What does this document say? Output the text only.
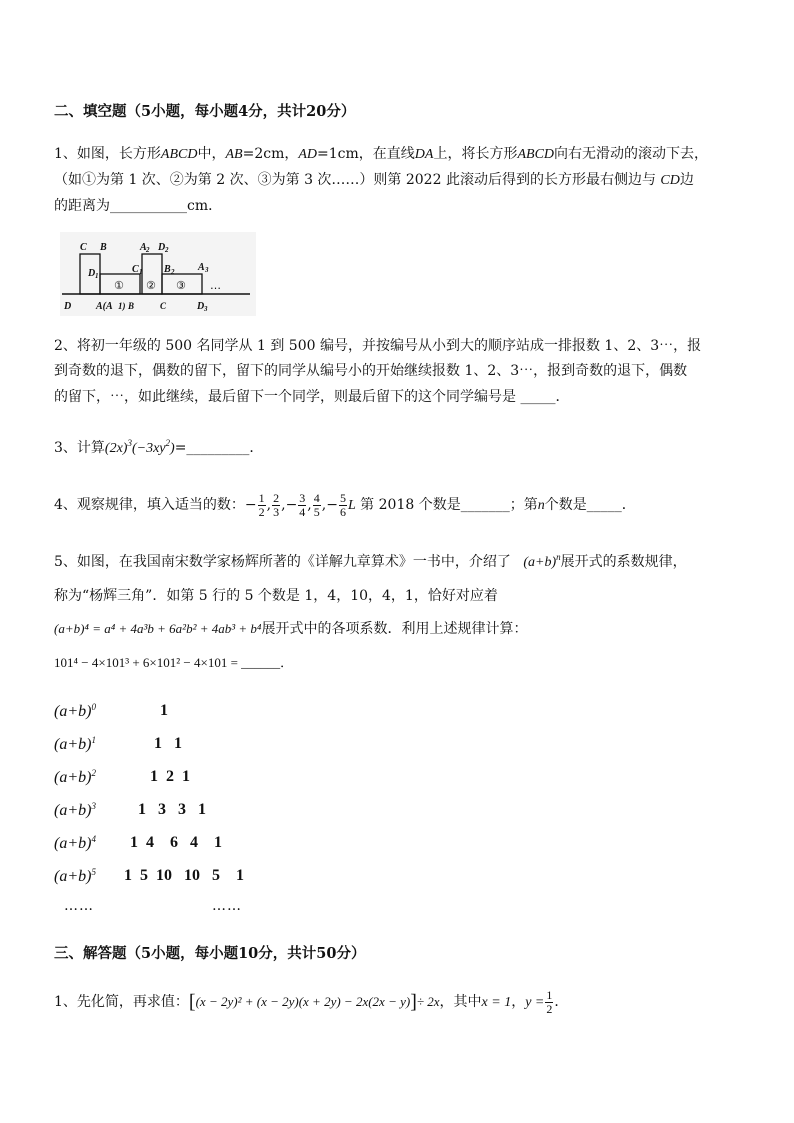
二、填空题（5小题，每小题4分，共计20分）
1、如图，长方形ABCD中，AB=2cm，AD=1cm，在直线DA上，将长方形ABCD向右无滑动的滚动下去，
（如①为第 1 次、②为第 2 次、③为第 3 次……）则第 2022 此滚动后得到的长方形最右侧边与 CD边
的距离为___________cm．
C B	A 2 D 2
D 1
C 1 B 2 A 3
D A(A	D 3
① ② ③ …
1) B	C
2、将初一年级的 500 名同学从 1 到 500 编号，并按编号从小到大的顺序站成一排报数 1、2、3⋯，报
到奇数的退下，偶数的留下，留下的同学从编号小的开始继续报数 1、2、3⋯，报到奇数的退下，偶数
的留下，⋯，如此继续，最后留下一个同学，则最后留下的这个同学编号是 _____．
3、计算$(2x)^3(-3xy^2)=\_\_\_\_\_\_\_\_\_$．
4、观察规律，填入适当的数：− $\frac{1}{2}$ , $\frac{2}{3}$ ,− $\frac{3}{4}$ , $\frac{4}{5}$ ,− $\frac{5}{6}$ L 第 2018 个数是_______；第n个数是_____．
5、如图，在我国南宋数学家杨辉所著的《详解九章算术》一书中，介绍了 $(a+b)^n$展开式的系数规律，
称为“杨辉三角”．如第 5 行的 5 个数是 1，4，10，4，1，恰好对应着
(a+b)⁴ = a⁴ + 4a³b + 6a²b² + 4ab³ + b⁴展开式中的各项系数．利用上述规律计算：
101⁴ − 4×101³ + 6×101² − 4×101 = ______．
$(a+b)^0$	1
$(a+b)^1$	1   1
$(a+b)^2$	1  2  1
$(a+b)^3$	1   3   3   1
$(a+b)^4$ 1  4    6   4    1
$(a+b)^5$ 1  5  10   10   5    1
……	……
三、解答题（5小题，每小题10分，共计50分）
1、先化简，再求值：[(x − 2y)² + (x − 2y)(x + 2y) − 2x(2x − y)]÷ 2x，其中x = 1，$y = \frac{1}{2}$ ．
